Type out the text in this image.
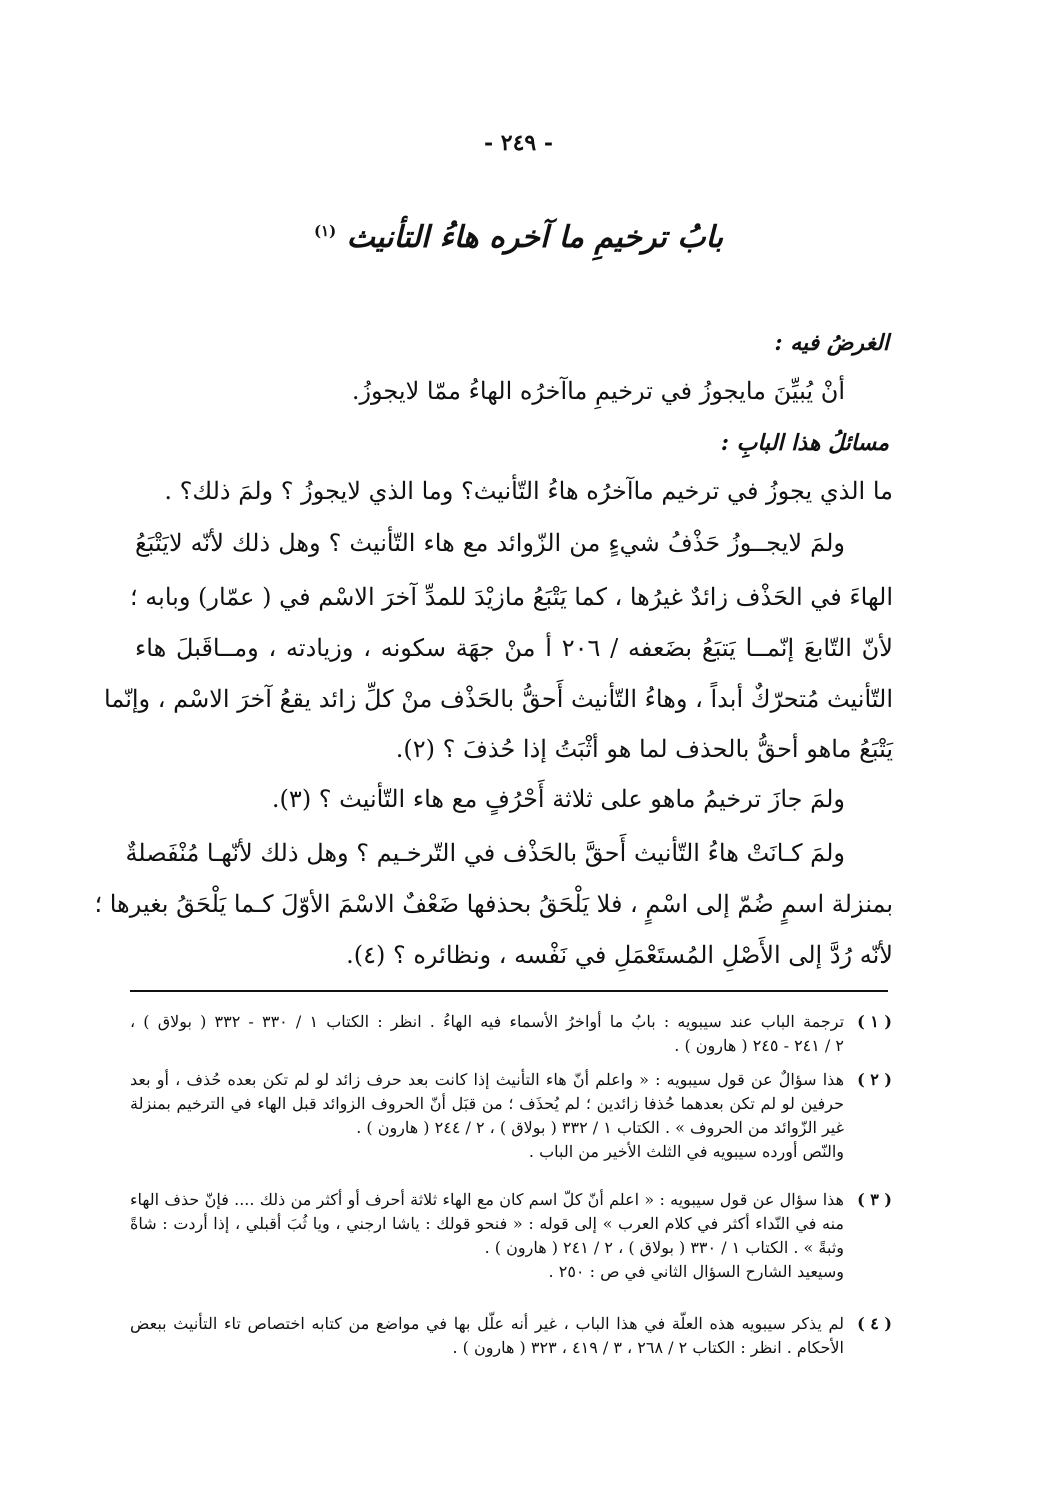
- ٢٤٩ -
بابُ ترخيمِ ما آخره هاءُ التأنيث $^{(١)}$
الغرضُ فيه :
أنْ يُبيِّنَ مايجوزُ في ترخيمِ ماآخرُه الهاءُ ممّا لايجوزُ.
مسائلُ هذا البابِ :
ما الذي يجوزُ في ترخيم ماآخرُه هاءُ التّأنيث؟ وما الذي لايجوزُ ؟ ولمَ ذلك؟ .
ولمَ لايجــوزُ حَذْفُ شيءٍ من الزّوائد مع هاء التّأنيث ؟ وهل ذلك لأنّه لايَتْبَعُ
الهاءَ في الحَذْف زائدٌ غيرُها ، كما يَتْبَعُ مازيْدَ للمدِّ آخرَ الاسْم في ( عمّار) وبابه ؛
لأنّ التّابعَ إنّمــا يَتبَعُ بضَعفه / ٢٠٦ أ منْ جهَة سكونه ، وزيادته ، ومــاقَبلَ هاء
التّأنيث مُتحرّكٌ أبداً ، وهاءُ التّأنيث أَحقُّ بالحَذْف منْ كلِّ زائد يقعُ آخرَ الاسْم ، وإنّما
يَتْبَعُ ماهو أحقُّ بالحذف لما هو أثْبَتُ إذا حُذفَ ؟ (٢).
ولمَ جازَ ترخيمُ ماهو على ثلاثة أَحْرُفٍ مع هاء التّأنيث ؟ (٣).
ولمَ كـانَتْ هاءُ التّأنيث أَحقَّ بالحَذْف في التّرخـيم ؟ وهل ذلك لأنّهـا مُنْفَصلةٌ
بمنزلة اسمٍ ضُمّ إلى اسْمٍ ، فلا يَلْحَقُ بحذفها ضَعْفٌ الاسْمَ الأوّلَ كـما يَلْحَقُ بغيرها ؛
لأنّه رُدَّ إلى الأَصْلِ المُستَعْمَلِ في نَفْسه ، ونظائره ؟ (٤).
( ١ )
ترجمة الباب عند سيبويه : بابُ ما أواخرُ الأسماء فيه الهاءُ . انظر : الكتاب ١ / ٣٣٠ - ٣٣٢ ( بولاق ) ،
٢ / ٢٤١ - ٢٤٥ ( هارون ) .
( ٢ )
هذا سؤالٌ عن قول سيبويه : « واعلم أنّ هاء التأنيث إذا كانت بعد حرف زائد لو لم تكن بعده حُذف ، أو بعد
حرفين لو لم تكن بعدهما حُذفا زائدين ؛ لم يُحذَف ؛ من قبَل أنّ الحروف الزوائد قبل الهاء في الترخيم بمنزلة
غير الزّوائد من الحروف » . الكتاب ١ / ٣٣٢ ( بولاق ) ، ٢ / ٢٤٤ ( هارون ) .
والنّص أورده سيبويه في الثلث الأخير من الباب .
( ٣ )
هذا سؤال عن قول سيبويه : « اعلم أنّ كلّ اسم كان مع الهاء ثلاثة أحرف أو أكثر من ذلك .... فإنّ حذف الهاء
منه في النّداء أكثر في كلام العرب » إلى قوله : « فنحو قولك : ياشا ارجني ، ويا ثُبَ أقبلي ، إذا أردت : شاةً
وثبةً » . الكتاب ١ / ٣٣٠ ( بولاق ) ، ٢ / ٢٤١ ( هارون ) .
وسيعيد الشارح السؤال الثاني في ص : ٢٥٠ .
( ٤ )
لم يذكر سيبويه هذه العلّة في هذا الباب ، غير أنه علّل بها في مواضع من كتابه اختصاص تاء التأنيث ببعض
الأحكام . انظر : الكتاب ٢ / ٢٦٨ ، ٣ / ٤١٩ ، ٣٢٣ ( هارون ) .
